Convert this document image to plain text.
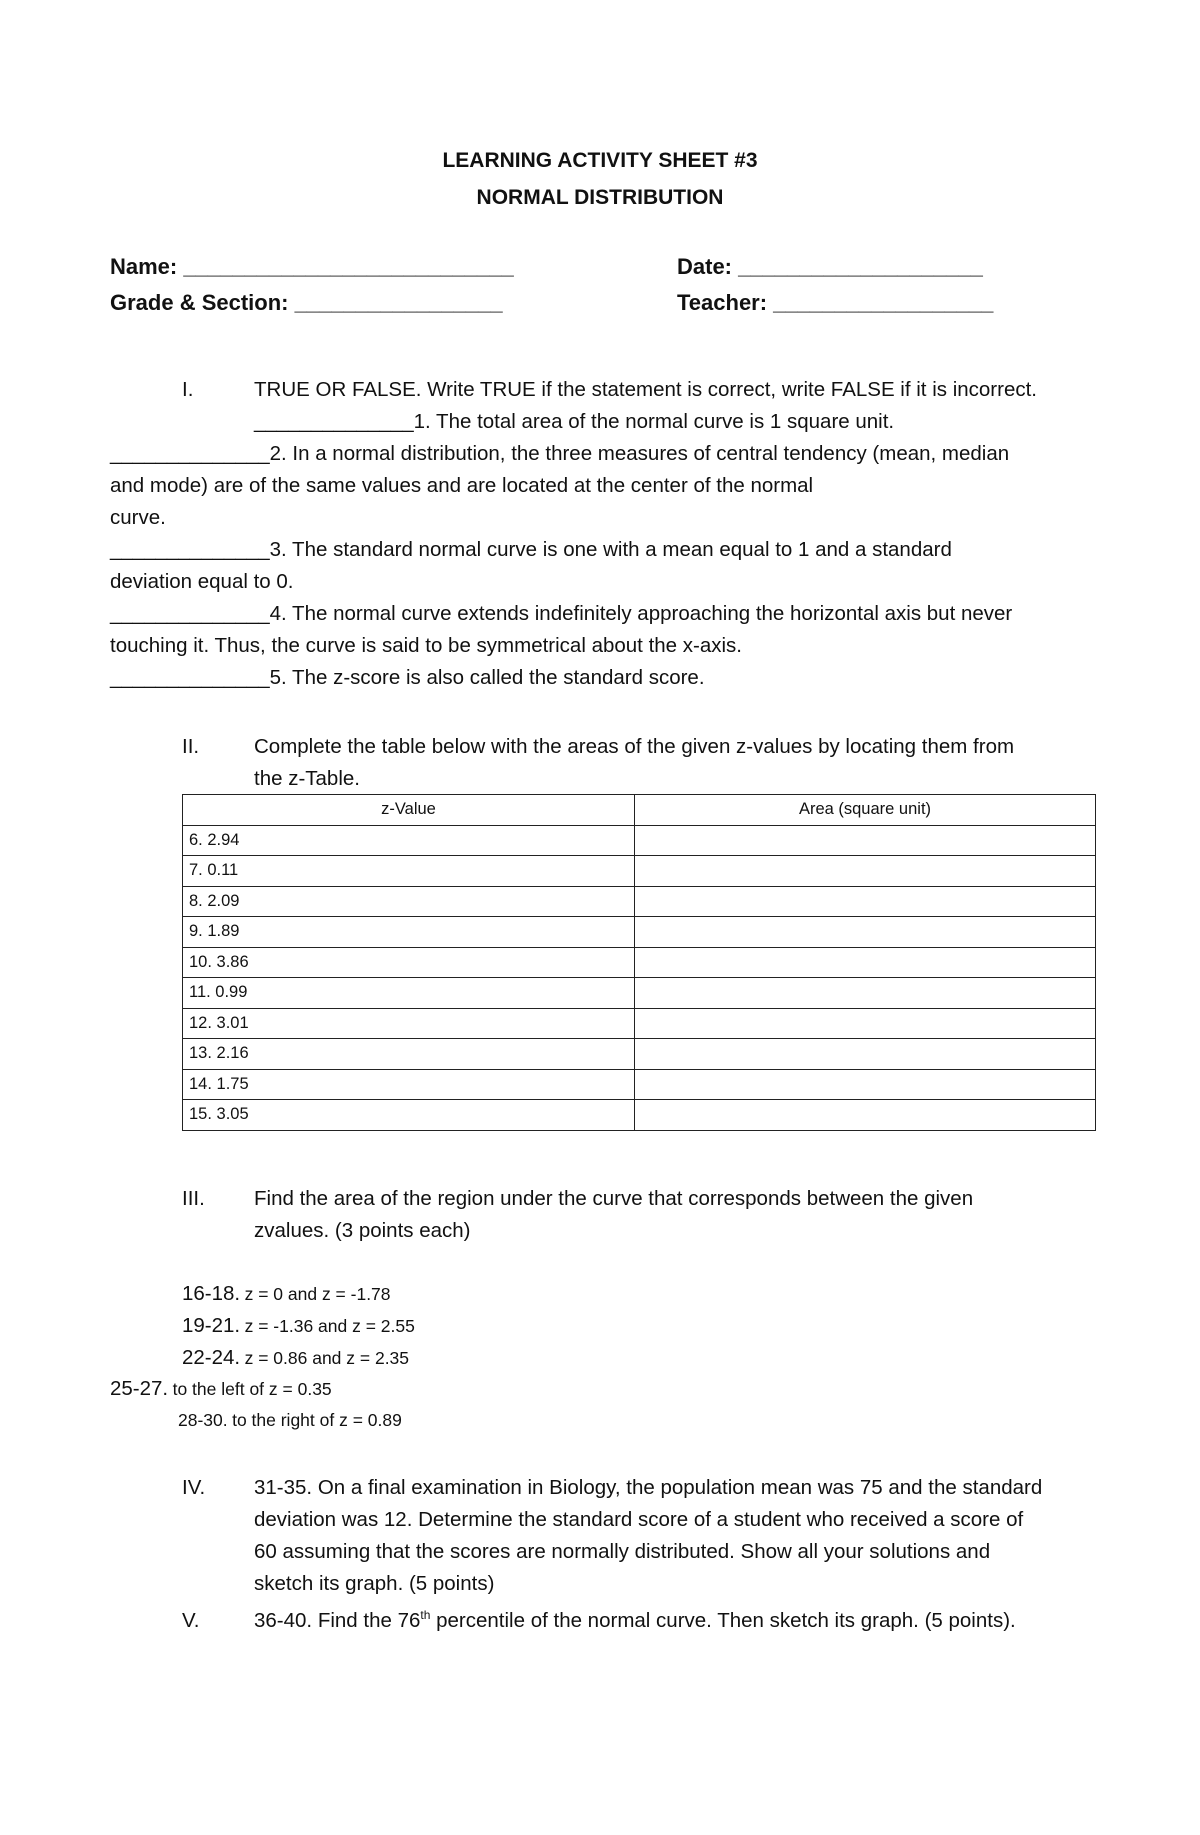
LEARNING ACTIVITY SHEET #3
NORMAL DISTRIBUTION
Name: ___________________________	Date: ____________________
Grade & Section: _________________	Teacher: __________________
I.	TRUE OR FALSE. Write TRUE if the statement is correct, write FALSE if it is incorrect.
______________1. The total area of the normal curve is 1 square unit.
______________2. In a normal distribution, the three measures of central tendency (mean, median
and mode) are of the same values and are located at the center of the normal
curve.
______________3. The standard normal curve is one with a mean equal to 1 and a standard
deviation equal to 0.
______________4. The normal curve extends indefinitely approaching the horizontal axis but never
touching it. Thus, the curve is said to be symmetrical about the x-axis.
______________5. The z-score is also called the standard score.
II.	Complete the table below with the areas of the given z-values by locating them from
the z-Table.
z-Value	Area (square unit)
6. 2.94	
7. 0.11	
8. 2.09	
9. 1.89	
10. 3.86	
11. 0.99	
12. 3.01	
13. 2.16	
14. 1.75	
15. 3.05	
III. Find the area of the region under the curve that corresponds between the given
zvalues. (3 points each)
16-18. z = 0 and z = -1.78
19-21. z = -1.36 and z = 2.55
22-24. z = 0.86 and z = 2.35
25-27. to the left of z = 0.35
28-30. to the right of z = 0.89
IV. 31-35. On a final examination in Biology, the population mean was 75 and the standard
deviation was 12. Determine the standard score of a student who received a score of
60 assuming that the scores are normally distributed. Show all your solutions and
sketch its graph. (5 points)
V.	36-40. Find the 76th percentile of the normal curve. Then sketch its graph. (5 points).
